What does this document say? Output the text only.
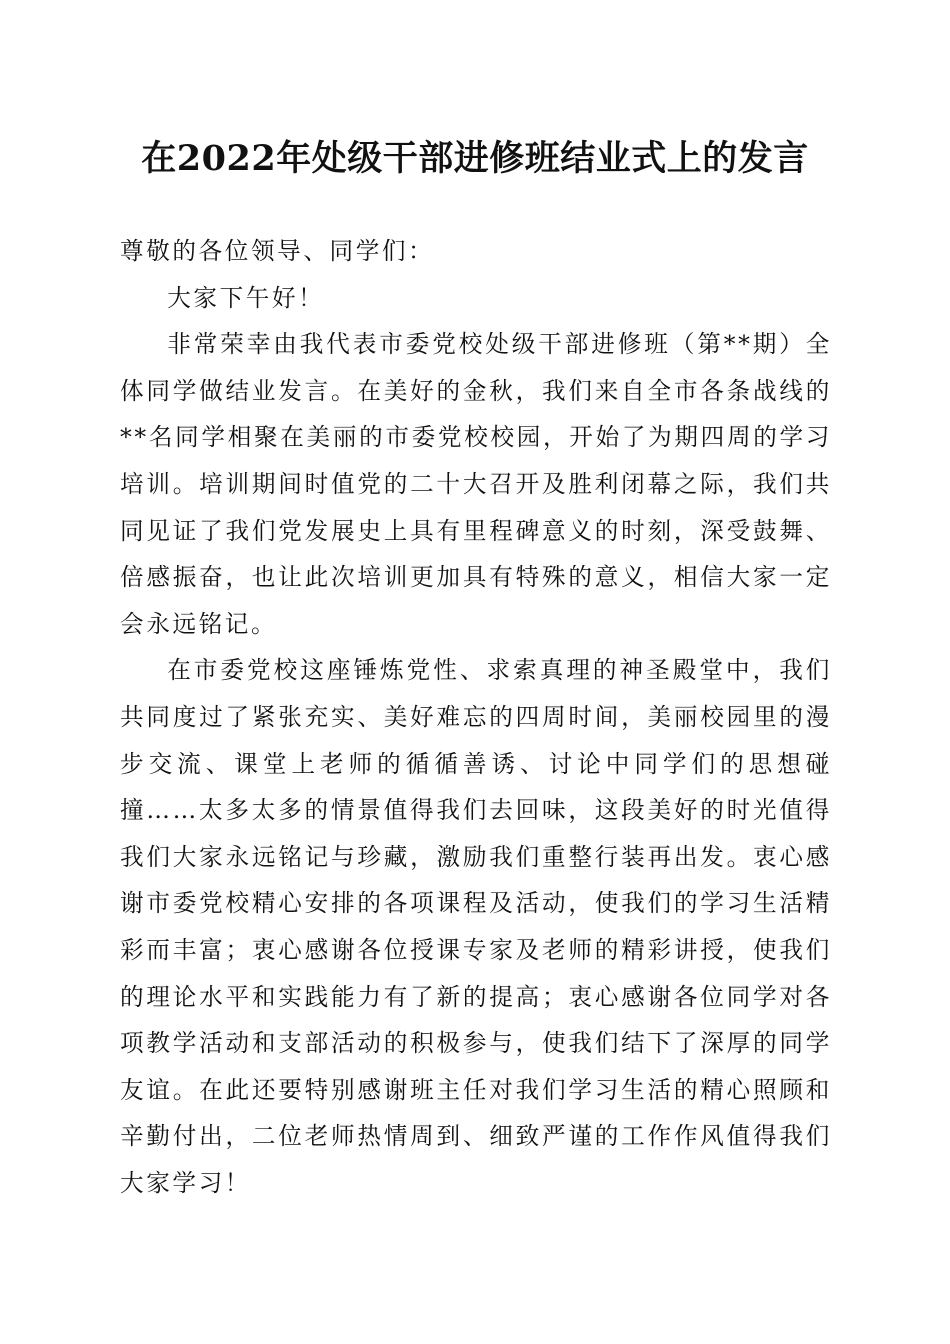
在2022年处级干部进修班结业式上的发言

尊敬的各位领导、同学们：

大家下午好！

非常荣幸由我代表市委党校处级干部进修班（第**期）全体同学做结业发言。在美好的金秋，我们来自全市各条战线的**名同学相聚在美丽的市委党校校园，开始了为期四周的学习培训。培训期间时值党的二十大召开及胜利闭幕之际，我们共同见证了我们党发展史上具有里程碑意义的时刻，深受鼓舞、倍感振奋，也让此次培训更加具有特殊的意义，相信大家一定会永远铭记。

在市委党校这座锤炼党性、求索真理的神圣殿堂中，我们共同度过了紧张充实、美好难忘的四周时间，美丽校园里的漫步交流、课堂上老师的循循善诱、讨论中同学们的思想碰撞……太多太多的情景值得我们去回味，这段美好的时光值得我们大家永远铭记与珍藏，激励我们重整行装再出发。衷心感谢市委党校精心安排的各项课程及活动，使我们的学习生活精彩而丰富；衷心感谢各位授课专家及老师的精彩讲授，使我们的理论水平和实践能力有了新的提高；衷心感谢各位同学对各项教学活动和支部活动的积极参与，使我们结下了深厚的同学友谊。在此还要特别感谢班主任对我们学习生活的精心照顾和辛勤付出，二位老师热情周到、细致严谨的工作作风值得我们大家学习！
